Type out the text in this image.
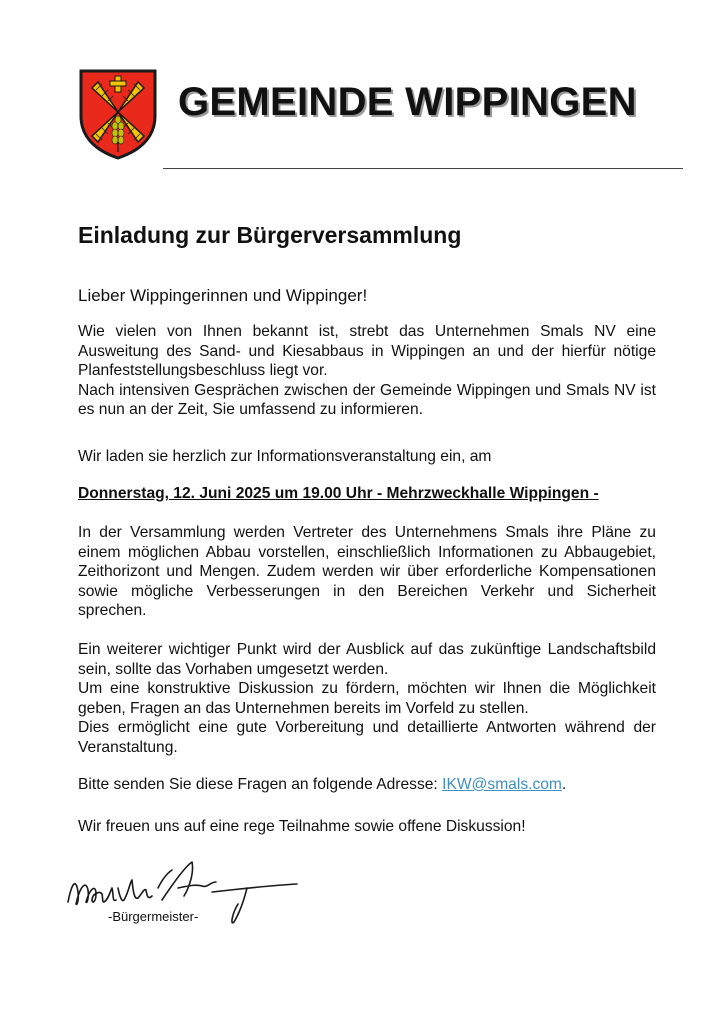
GEMEINDE WIPPINGEN
Einladung zur Bürgerversammlung

Lieber Wippingerinnen und Wippinger!

Wie vielen von Ihnen bekannt ist, strebt das Unternehmen Smals NV eine Ausweitung des Sand- und Kiesabbaus in Wippingen an und der hierfür nötige Planfeststellungsbeschluss liegt vor.

Nach intensiven Gesprächen zwischen der Gemeinde Wippingen und Smals NV ist es nun an der Zeit, Sie umfassend zu informieren.

Wir laden sie herzlich zur Informationsveranstaltung ein, am

Donnerstag, 12. Juni 2025 um 19.00 Uhr - Mehrzweckhalle Wippingen -

In der Versammlung werden Vertreter des Unternehmens Smals ihre Pläne zu einem möglichen Abbau vorstellen, einschließlich Informationen zu Abbaugebiet, Zeithorizont und Mengen. Zudem werden wir über erforderliche Kompensationen sowie mögliche Verbesserungen in den Bereichen Verkehr und Sicherheit sprechen.

Ein weiterer wichtiger Punkt wird der Ausblick auf das zukünftige Landschaftsbild sein, sollte das Vorhaben umgesetzt werden.

Um eine konstruktive Diskussion zu fördern, möchten wir Ihnen die Möglichkeit geben, Fragen an das Unternehmen bereits im Vorfeld zu stellen.

Dies ermöglicht eine gute Vorbereitung und detaillierte Antworten während der Veranstaltung.

Bitte senden Sie diese Fragen an folgende Adresse: IKW@smals.com.

Wir freuen uns auf eine rege Teilnahme sowie offene Diskussion!

-Bürgermeister-
